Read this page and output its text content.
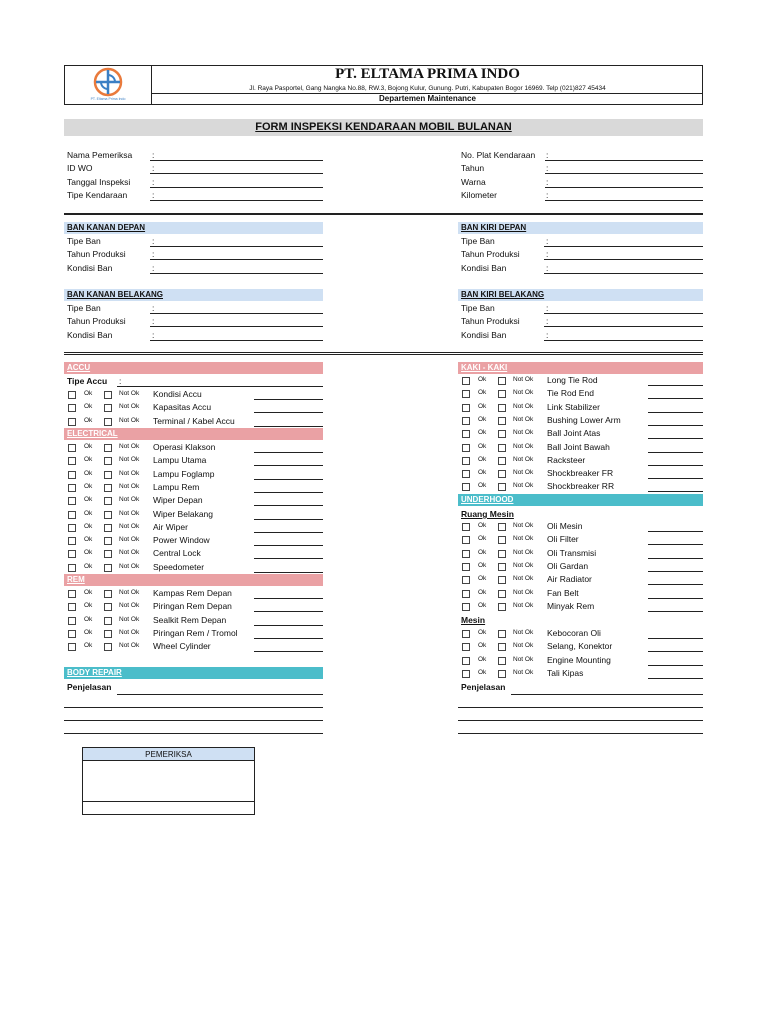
PT. Eltama Prima Indo
PT. ELTAMA PRIMA INDO
Jl. Raya Pasportel, Gang Nangka No.88, RW.3, Bojong Kulur, Gunung. Putri, Kabupaten Bogor 16969. Telp (021)827 45434
Departemen Maintenance
FORM INSPEKSI KENDARAAN MOBIL BULANAN
Nama Pemeriksa :
ID WO	:
Tanggal Inspeksi	:
Tipe Kendaraan	:
No. Plat Kendaraan :
Tahun	:
Warna	:
Kilometer	:
BAN KANAN DEPAN
Tipe Ban	:
Tahun Produksi	:
Kondisi Ban	:
BAN KIRI DEPAN
Tipe Ban	:
Tahun Produksi	:
Kondisi Ban	:
BAN KANAN BELAKANG
Tipe Ban	:
Tahun Produksi	:
Kondisi Ban	:
BAN KIRI BELAKANG
Tipe Ban	:
Tahun Produksi	:
Kondisi Ban	:
ACCU
Tipe Accu :
Ok	Not Ok Kondisi Accu
Ok	Not Ok Kapasitas Accu
Ok	Not Ok Terminal / Kabel Accu
ELECTRICAL
Ok	Not Ok Operasi Klakson
Ok	Not Ok Lampu Utama
Ok	Not Ok Lampu Foglamp
Ok	Not Ok Lampu Rem
Ok	Not Ok Wiper Depan
Ok	Not Ok Wiper Belakang
Ok	Not Ok Air Wiper
Ok	Not Ok Power Window
Ok	Not Ok Central Lock
Ok	Not Ok Speedometer
REM
Ok	Not Ok Kampas Rem Depan
Ok	Not Ok Piringan Rem Depan
Ok	Not Ok Sealkit Rem Depan
Ok	Not Ok Piringan Rem / Tromol
Ok	Not Ok Wheel Cylinder
BODY REPAIR
Penjelasan
KAKI - KAKI
Ok	Not Ok Long Tie Rod
Ok	Not Ok Tie Rod End
Ok	Not Ok Link Stabilizer
Ok	Not Ok Bushing Lower Arm
Ok	Not Ok Ball Joint Atas
Ok	Not Ok Ball Joint Bawah
Ok	Not Ok Racksteer
Ok	Not Ok Shockbreaker FR
Ok	Not Ok Shockbreaker RR
UNDERHOOD
Ruang Mesin
Ok	Not Ok Oli Mesin
Ok	Not Ok Oli Filter
Ok	Not Ok Oli Transmisi
Ok	Not Ok Oli Gardan
Ok	Not Ok Air Radiator
Ok	Not Ok Fan Belt
Ok	Not Ok Minyak Rem
Mesin
Ok	Not Ok Kebocoran Oli
Ok	Not Ok Selang, Konektor
Ok	Not Ok Engine Mounting
Ok	Not Ok Tali Kipas
Penjelasan
PEMERIKSA
